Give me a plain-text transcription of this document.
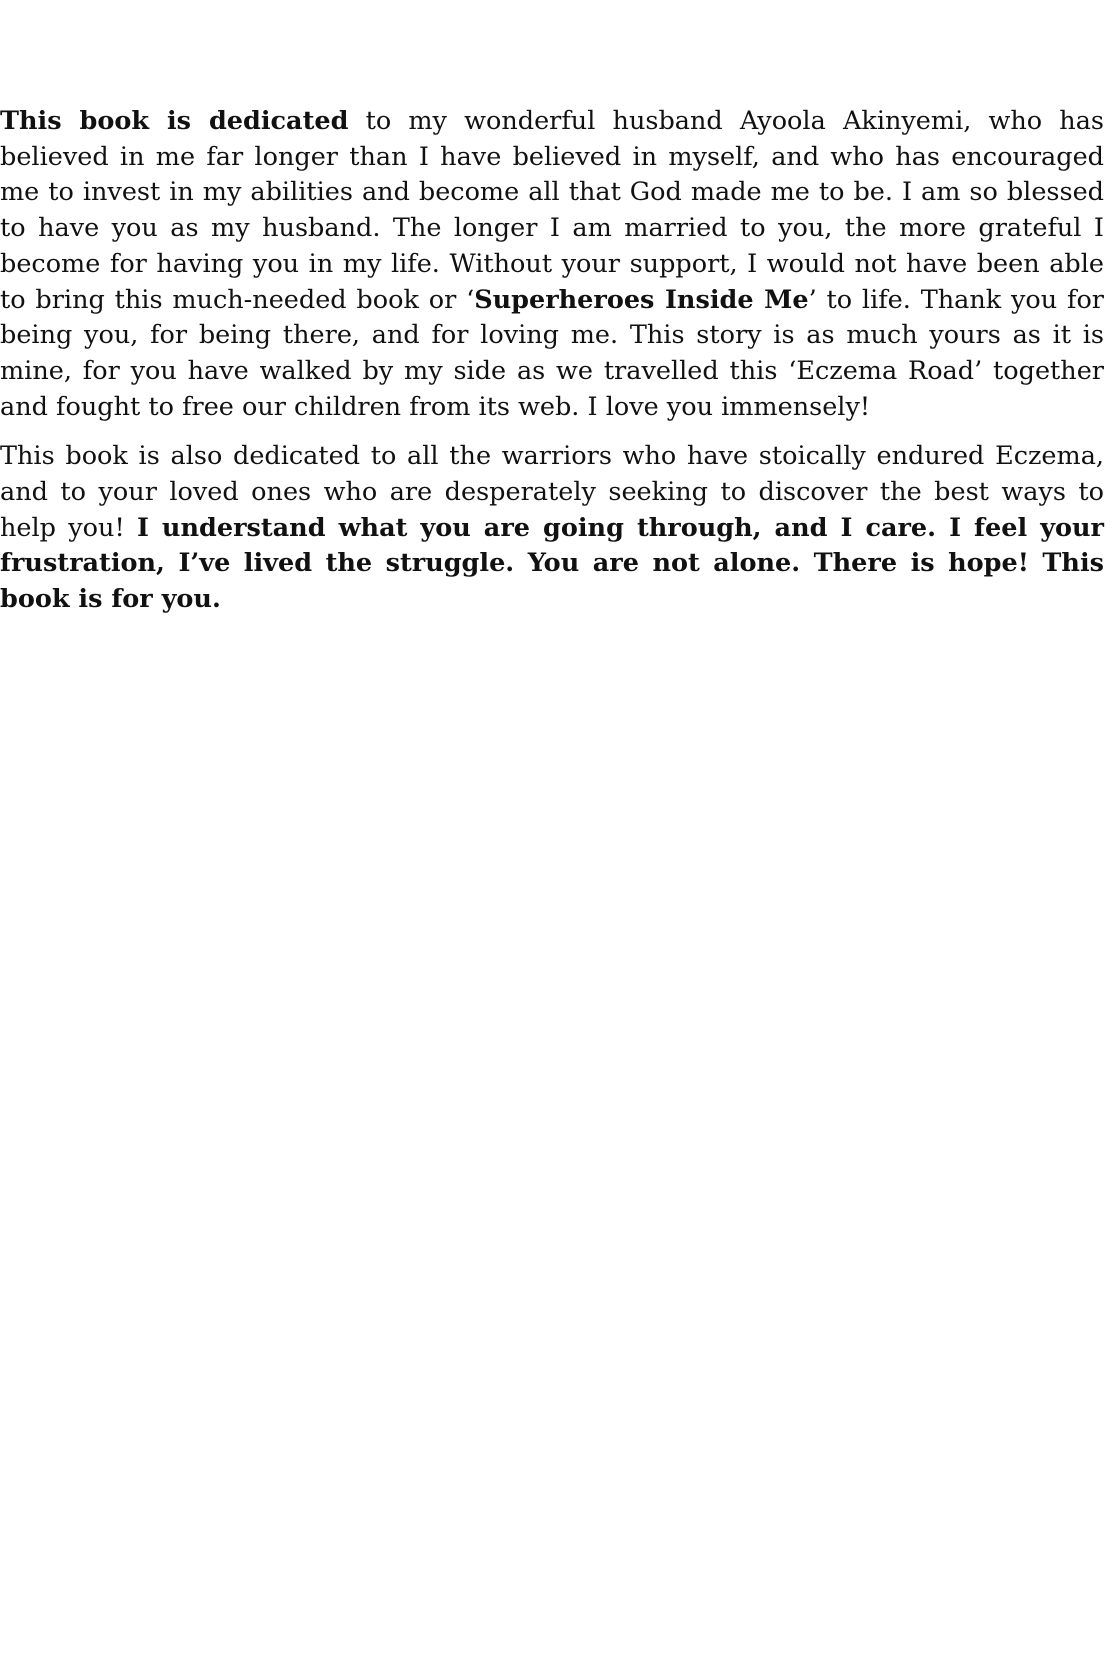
This book is dedicated to my wonderful husband Ayoola Akinyemi, who has believed in me far longer than I have believed in myself, and who has encouraged me to invest in my abilities and become all that God made me to be. I am so blessed to have you as my husband. The longer I am married to you, the more grateful I become for having you in my life. Without your support, I would not have been able to bring this much-needed book or ‘Superheroes Inside Me’ to life. Thank you for being you, for being there, and for loving me. This story is as much yours as it is mine, for you have walked by my side as we travelled this ‘Eczema Road’ together and fought to free our children from its web. I love you immensely!

This book is also dedicated to all the warriors who have stoically endured Eczema, and to your loved ones who are desperately seeking to discover the best ways to help you! I understand what you are going through, and I care. I feel your frustration, I’ve lived the struggle. You are not alone. There is hope! This book is for you.
